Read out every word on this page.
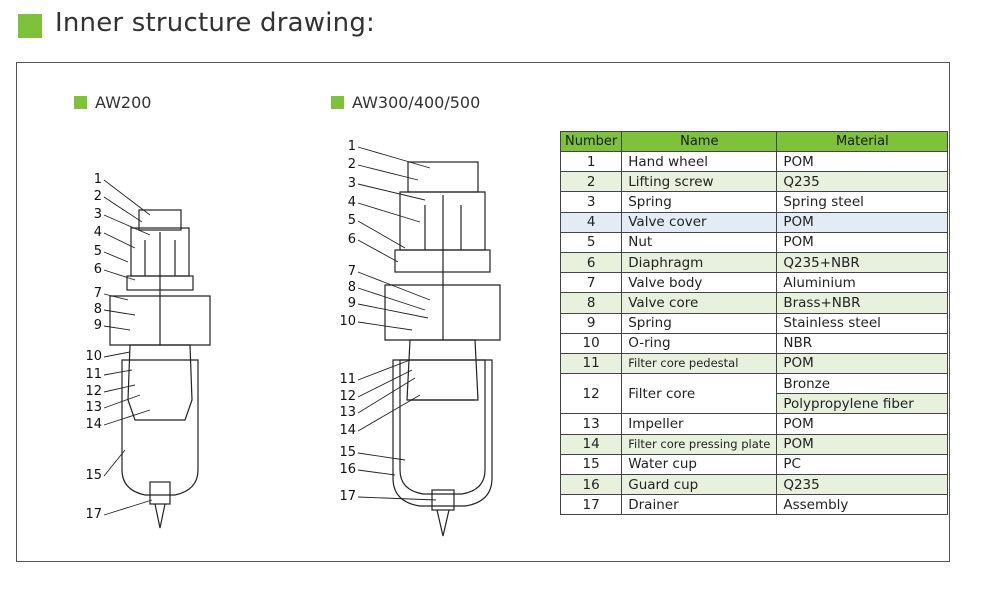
Inner structure drawing:
AW200	AW300/400/500
1
2
3
4
5
6
7
8
9
10
11
12
13
14
15
17
1
2
3
4
5
6
7
8
9
10
11
12
13
14
15
16
17
Number	Name	Material
1	Hand wheel	POM
2	Lifting screw	Q235
3	Spring	Spring steel
4	Valve cover	POM
5	Nut	POM
6	Diaphragm	Q235+NBR
7	Valve body	Aluminium
8	Valve core	Brass+NBR
9	Spring	Stainless steel
10	O-ring	NBR
11	Filter core pedestal	POM
12	Filter core	Bronze
		Polypropylene fiber
13	Impeller	POM
14	Filter core pressing plate	POM
15	Water cup	PC
16	Guard cup	Q235
17	Drainer	Assembly
